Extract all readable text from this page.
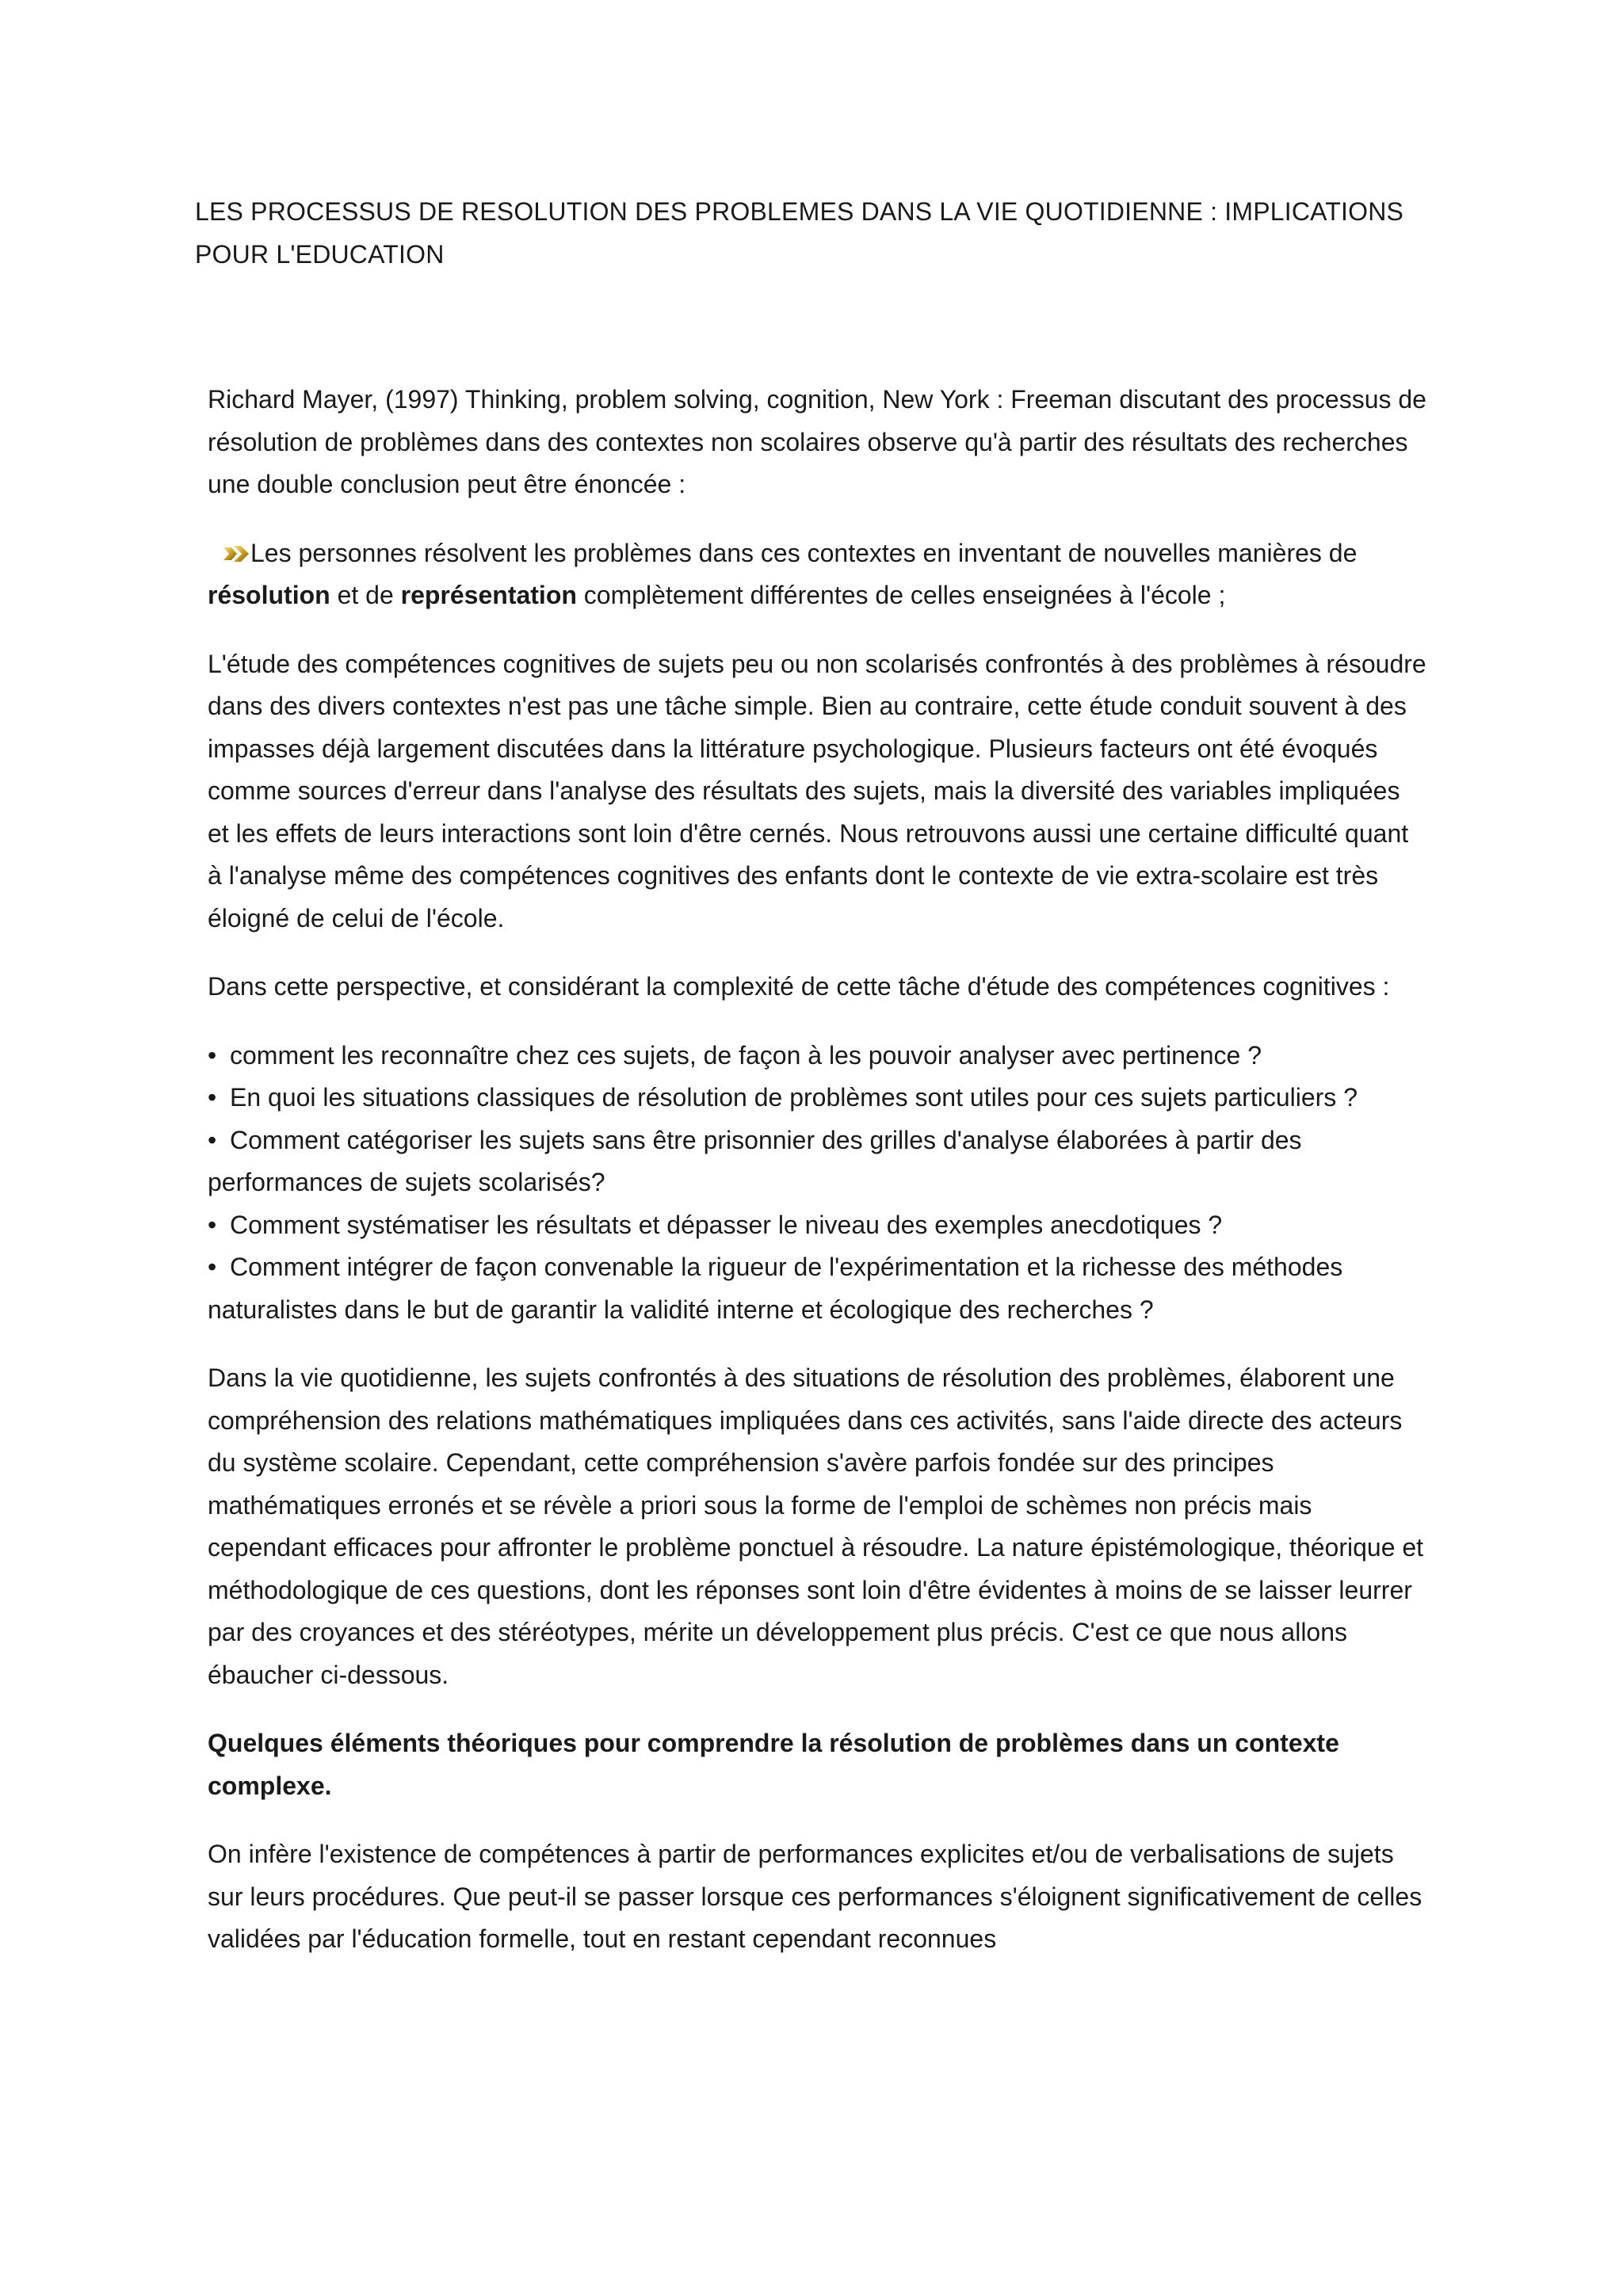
LES PROCESSUS DE RESOLUTION DES PROBLEMES DANS LA VIE QUOTIDIENNE : IMPLICATIONS POUR L'EDUCATION

Richard Mayer, (1997) Thinking, problem solving, cognition, New York : Freeman discutant des processus de résolution de problèmes dans des contextes non scolaires observe qu'à partir des résultats des recherches une double conclusion peut être énoncée :

Les personnes résolvent les problèmes dans ces contextes en inventant de nouvelles manières de résolution et de représentation complètement différentes de celles enseignées à l'école ;

L'étude des compétences cognitives de sujets peu ou non scolarisés confrontés à des problèmes à résoudre dans des divers contextes n'est pas une tâche simple. Bien au contraire, cette étude conduit souvent à des impasses déjà largement discutées dans la littérature psychologique. Plusieurs facteurs ont été évoqués comme sources d'erreur dans l'analyse des résultats des sujets, mais la diversité des variables impliquées et les effets de leurs interactions sont loin d'être cernés. Nous retrouvons aussi une certaine difficulté quant à l'analyse même des compétences cognitives des enfants dont le contexte de vie extra-scolaire est très éloigné de celui de l'école.

Dans cette perspective, et considérant la complexité de cette tâche d'étude des compétences cognitives :

• comment les reconnaître chez ces sujets, de façon à les pouvoir analyser avec pertinence ?
• En quoi les situations classiques de résolution de problèmes sont utiles pour ces sujets particuliers ?
• Comment catégoriser les sujets sans être prisonnier des grilles d'analyse élaborées à partir des performances de sujets scolarisés?
• Comment systématiser les résultats et dépasser le niveau des exemples anecdotiques ?
• Comment intégrer de façon convenable la rigueur de l'expérimentation et la richesse des méthodes naturalistes dans le but de garantir la validité interne et écologique des recherches ?

Dans la vie quotidienne, les sujets confrontés à des situations de résolution des problèmes, élaborent une compréhension des relations mathématiques impliquées dans ces activités, sans l'aide directe des acteurs du système scolaire. Cependant, cette compréhension s'avère parfois fondée sur des principes mathématiques erronés et se révèle a priori sous la forme de l'emploi de schèmes non précis mais cependant efficaces pour affronter le problème ponctuel à résoudre. La nature épistémologique, théorique et méthodologique de ces questions, dont les réponses sont loin d'être évidentes à moins de se laisser leurrer par des croyances et des stéréotypes, mérite un développement plus précis. C'est ce que nous allons ébaucher ci-dessous.

Quelques éléments théoriques pour comprendre la résolution de problèmes dans un contexte complexe.

On infère l'existence de compétences à partir de performances explicites et/ou de verbalisations de sujets sur leurs procédures. Que peut-il se passer lorsque ces performances s'éloignent significativement de celles validées par l'éducation formelle, tout en restant cependant reconnues
